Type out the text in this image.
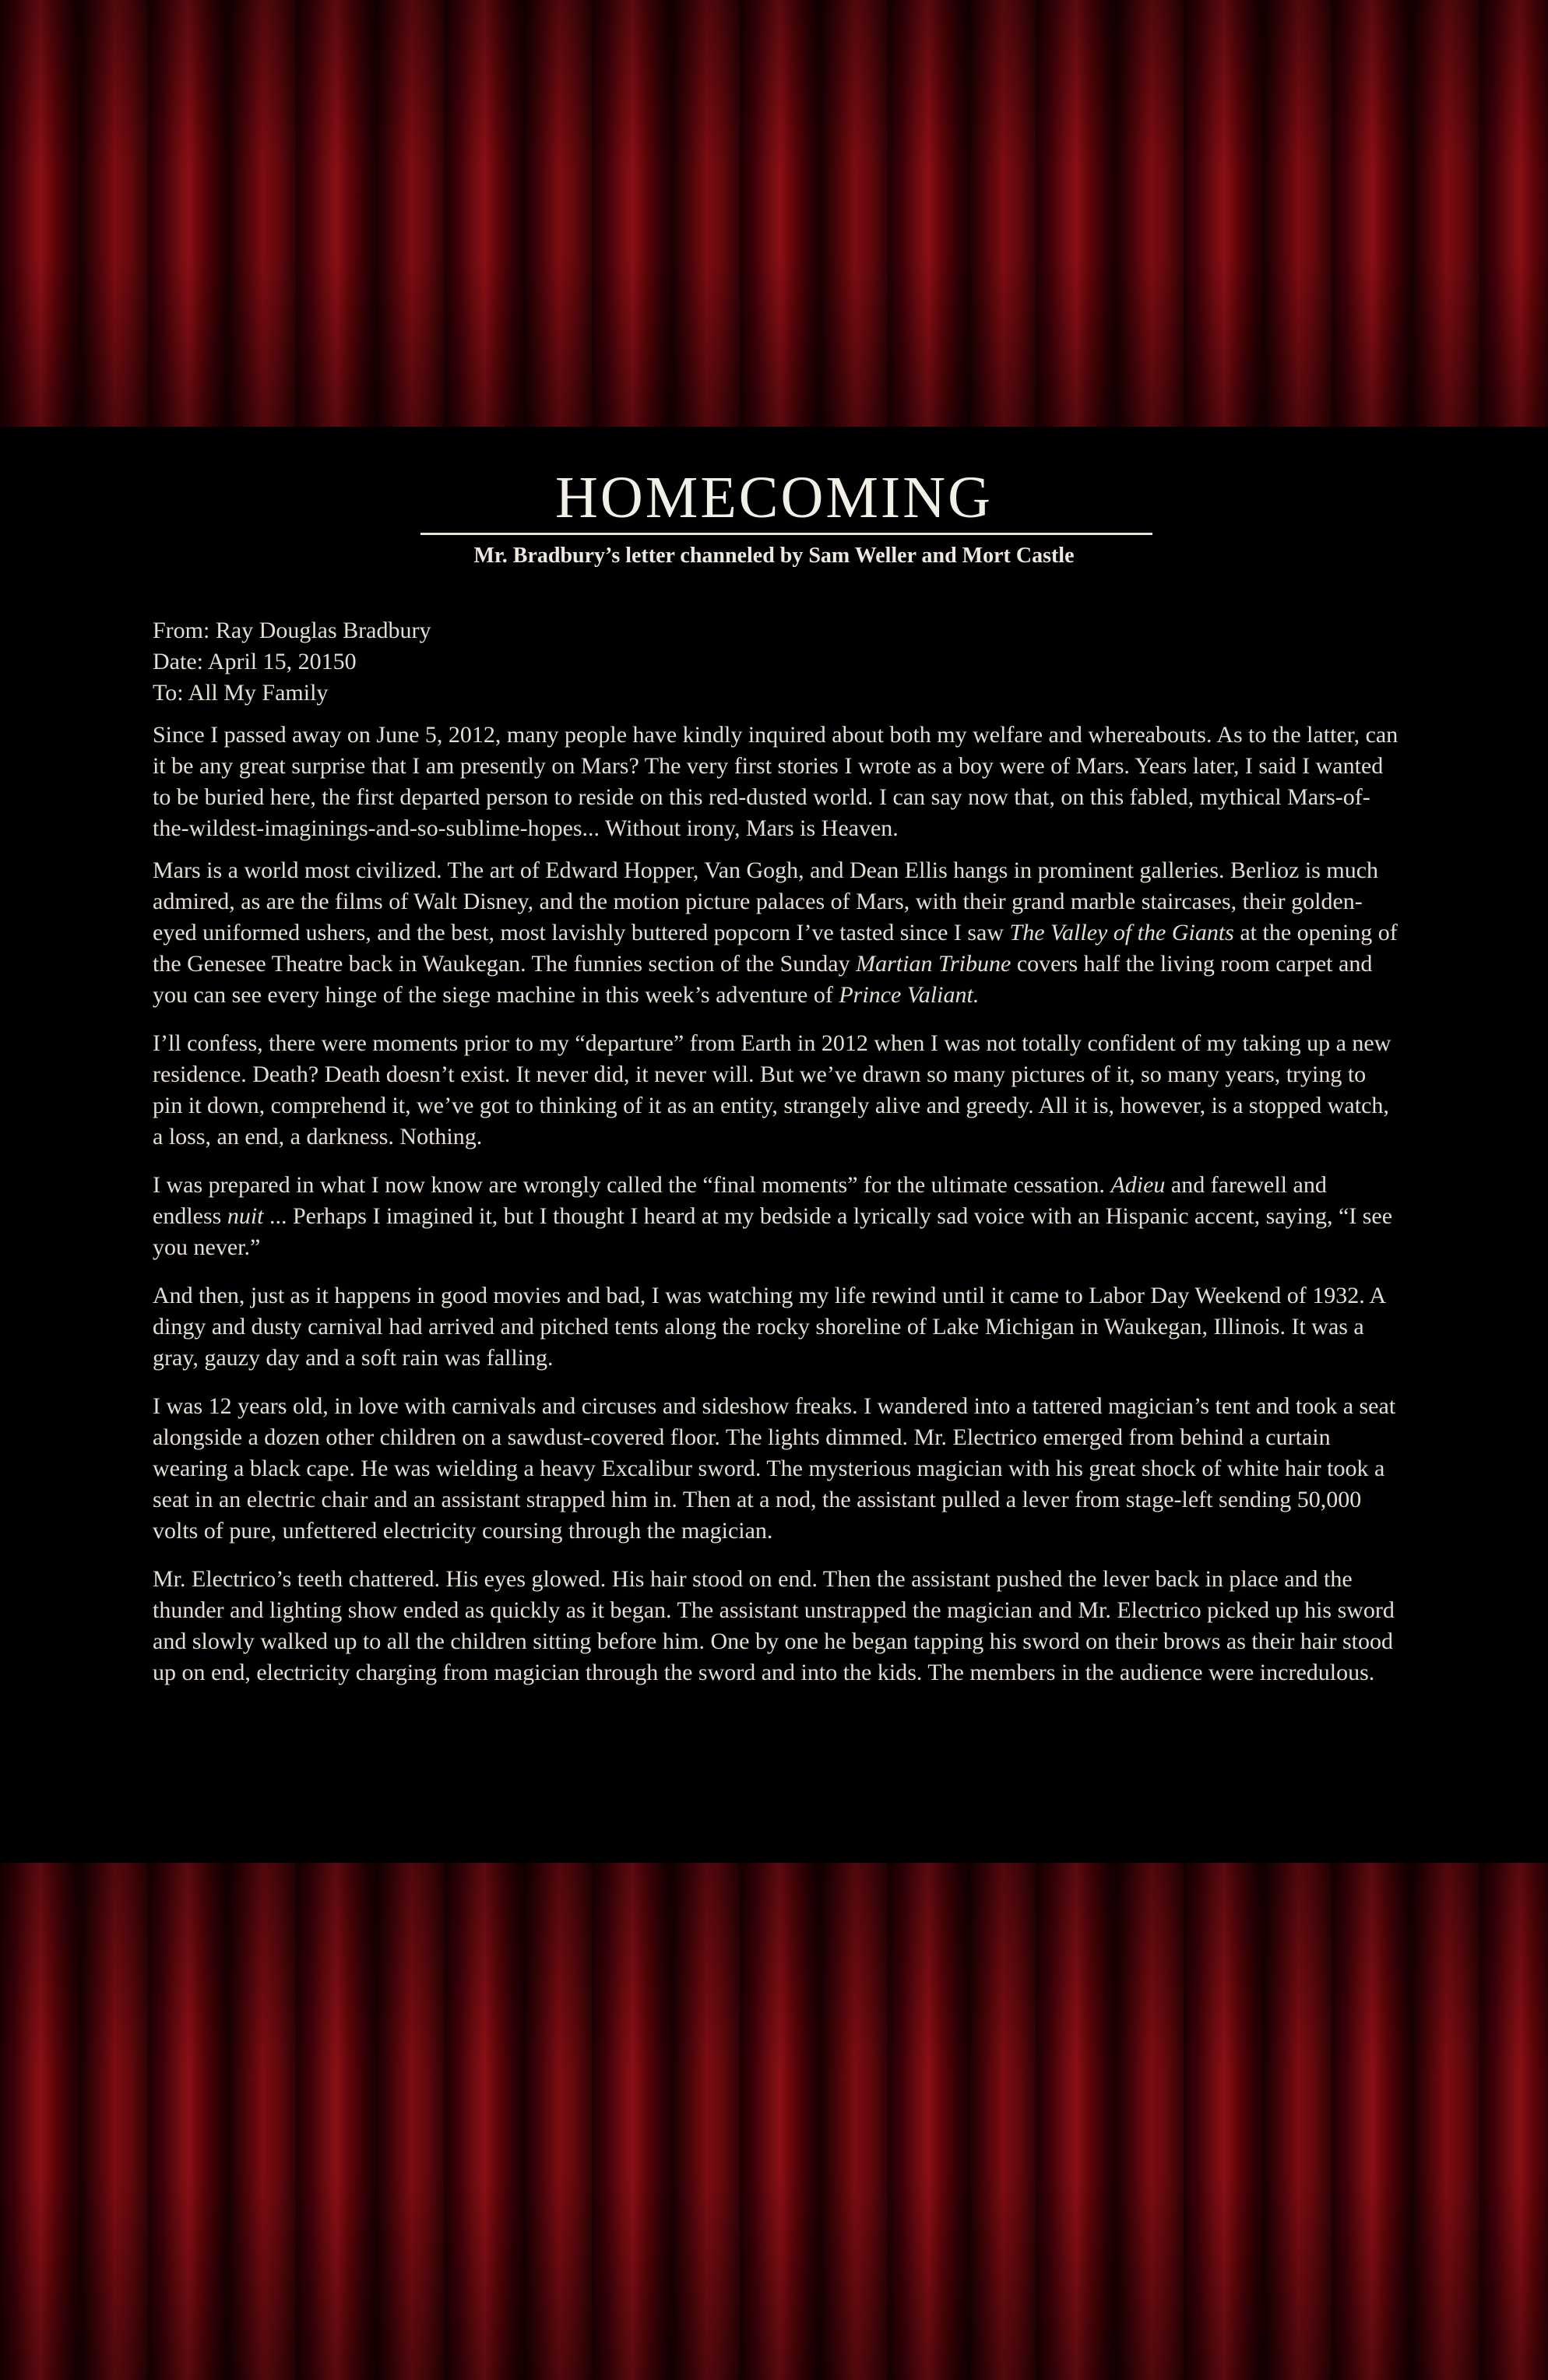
HOMECOMING
Mr. Bradbury’s letter channeled by Sam Weller and Mort Castle

From: Ray Douglas Bradbury

Date: April 15, 20150

To: All My Family

Since I passed away on June 5, 2012, many people have kindly inquired about both my welfare and whereabouts. As to the latter, can it be any great surprise that I am presently on Mars? The very first stories I wrote as a boy were of Mars. Years later, I said I wanted to be buried here, the first departed person to reside on this red-dusted world. I can say now that, on this fabled, mythical Mars-of-the-wildest-imaginings-and-so-sublime-hopes... Without irony, Mars is Heaven.

Mars is a world most civilized. The art of Edward Hopper, Van Gogh, and Dean Ellis hangs in prominent galleries. Berlioz is much admired, as are the films of Walt Disney, and the motion picture palaces of Mars, with their grand marble staircases, their golden-eyed uniformed ushers, and the best, most lavishly buttered popcorn I’ve tasted since I saw The Valley of the Giants at the opening of the Genesee Theatre back in Waukegan. The funnies section of the Sunday Martian Tribune covers half the living room carpet and you can see every hinge of the siege machine in this week’s adventure of Prince Valiant.

I’ll confess, there were moments prior to my “departure” from Earth in 2012 when I was not totally confident of my taking up a new residence. Death? Death doesn’t exist. It never did, it never will. But we’ve drawn so many pictures of it, so many years, trying to pin it down, comprehend it, we’ve got to thinking of it as an entity, strangely alive and greedy. All it is, however, is a stopped watch, a loss, an end, a darkness. Nothing.

I was prepared in what I now know are wrongly called the “final moments” for the ultimate cessation. Adieu and farewell and endless nuit ... Perhaps I imagined it, but I thought I heard at my bedside a lyrically sad voice with an Hispanic accent, saying, “I see you never.”

And then, just as it happens in good movies and bad, I was watching my life rewind until it came to Labor Day Weekend of 1932. A dingy and dusty carnival had arrived and pitched tents along the rocky shoreline of Lake Michigan in Waukegan, Illinois. It was a gray, gauzy day and a soft rain was falling.

I was 12 years old, in love with carnivals and circuses and sideshow freaks. I wandered into a tattered magician’s tent and took a seat alongside a dozen other children on a sawdust-covered floor. The lights dimmed. Mr. Electrico emerged from behind a curtain wearing a black cape. He was wielding a heavy Excalibur sword. The mysterious magician with his great shock of white hair took a seat in an electric chair and an assistant strapped him in. Then at a nod, the assistant pulled a lever from stage-left sending 50,000 volts of pure, unfettered electricity coursing through the magician.

Mr. Electrico’s teeth chattered. His eyes glowed. His hair stood on end. Then the assistant pushed the lever back in place and the thunder and lighting show ended as quickly as it began. The assistant unstrapped the magician and Mr. Electrico picked up his sword and slowly walked up to all the children sitting before him. One by one he began tapping his sword on their brows as their hair stood up on end, electricity charging from magician through the sword and into the kids. The members in the audience were incredulous.
